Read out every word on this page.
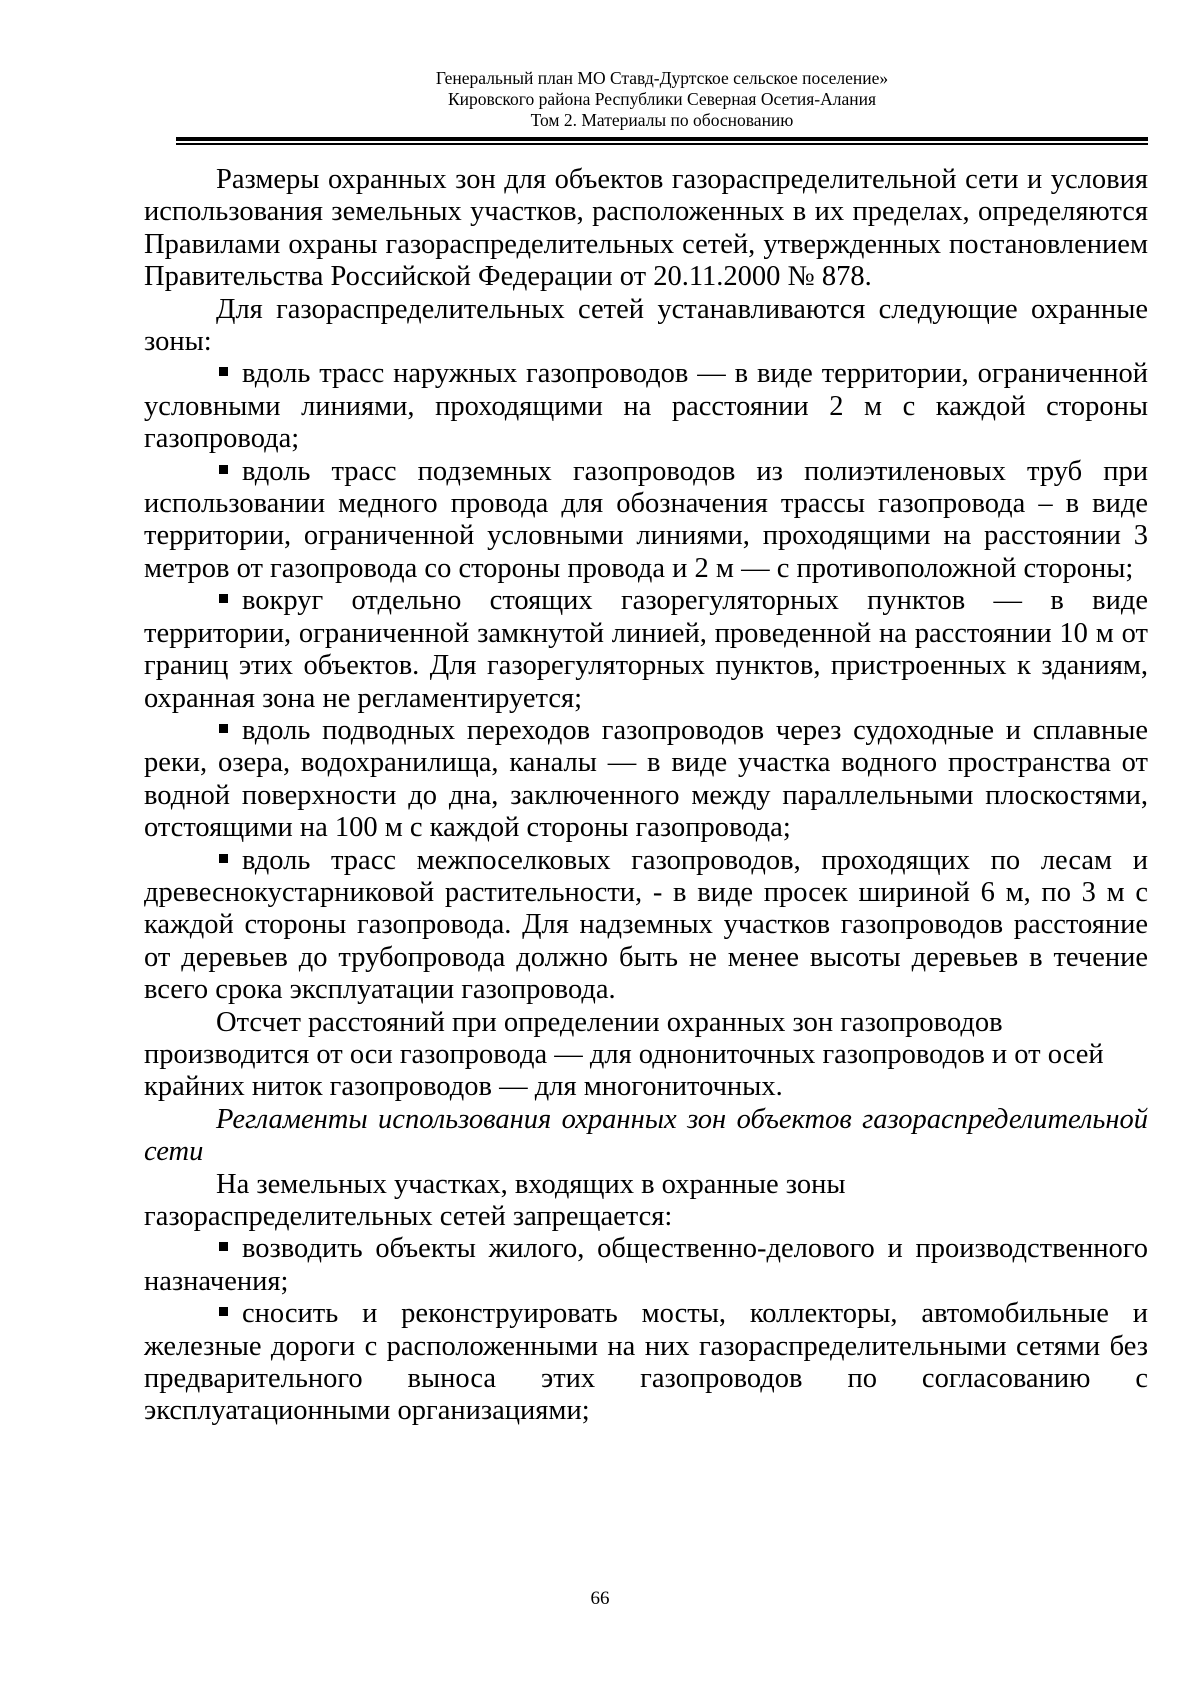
Генеральный план МО Ставд-Дуртское сельское поселение»
Кировского района Республики Северная Осетия-Алания
Том 2. Материалы по обоснованию

Размеры охранных зон для объектов газораспределительной сети и условия использования земельных участков, расположенных в их пределах, определяются Правилами охраны газораспределительных сетей, утвержденных постановлением Правительства Российской Федерации от 20.11.2000 № 878.

Для газораспределительных сетей устанавливаются следующие охранные зоны:

вдоль трасс наружных газопроводов — в виде территории, ограниченной условными линиями, проходящими на расстоянии 2 м с каждой стороны газопровода;

вдоль трасс подземных газопроводов из полиэтиленовых труб при использовании медного провода для обозначения трассы газопровода – в виде территории, ограниченной условными линиями, проходящими на расстоянии 3 метров от газопровода со стороны провода и 2 м — с противоположной стороны;

вокруг отдельно стоящих газорегуляторных пунктов — в виде территории, ограниченной замкнутой линией, проведенной на расстоянии 10 м от границ этих объектов. Для газорегуляторных пунктов, пристроенных к зданиям, охранная зона не регламентируется;

вдоль подводных переходов газопроводов через судоходные и сплавные реки, озера, водохранилища, каналы — в виде участка водного пространства от водной поверхности до дна, заключенного между параллельными плоскостями, отстоящими на 100 м с каждой стороны газопровода;

вдоль трасс межпоселковых газопроводов, проходящих по лесам и древеснокустарниковой растительности, - в виде просек шириной 6 м, по 3 м с каждой стороны газопровода. Для надземных участков газопроводов расстояние от деревьев до трубопровода должно быть не менее высоты деревьев в течение всего срока эксплуатации газопровода.

Отсчет расстояний при определении охранных зон газопроводов
производится от оси газопровода — для однониточных газопроводов и от осей
крайних ниток газопроводов — для многониточных.

Регламенты использования охранных зон объектов газораспределительной сети

На земельных участках, входящих в охранные зоны
газораспределительных сетей запрещается:

возводить объекты жилого, общественно-делового и производственного назначения;

сносить и реконструировать мосты, коллекторы, автомобильные и железные дороги с расположенными на них газораспределительными сетями без предварительного выноса этих газопроводов по согласованию с эксплуатационными организациями;

66
